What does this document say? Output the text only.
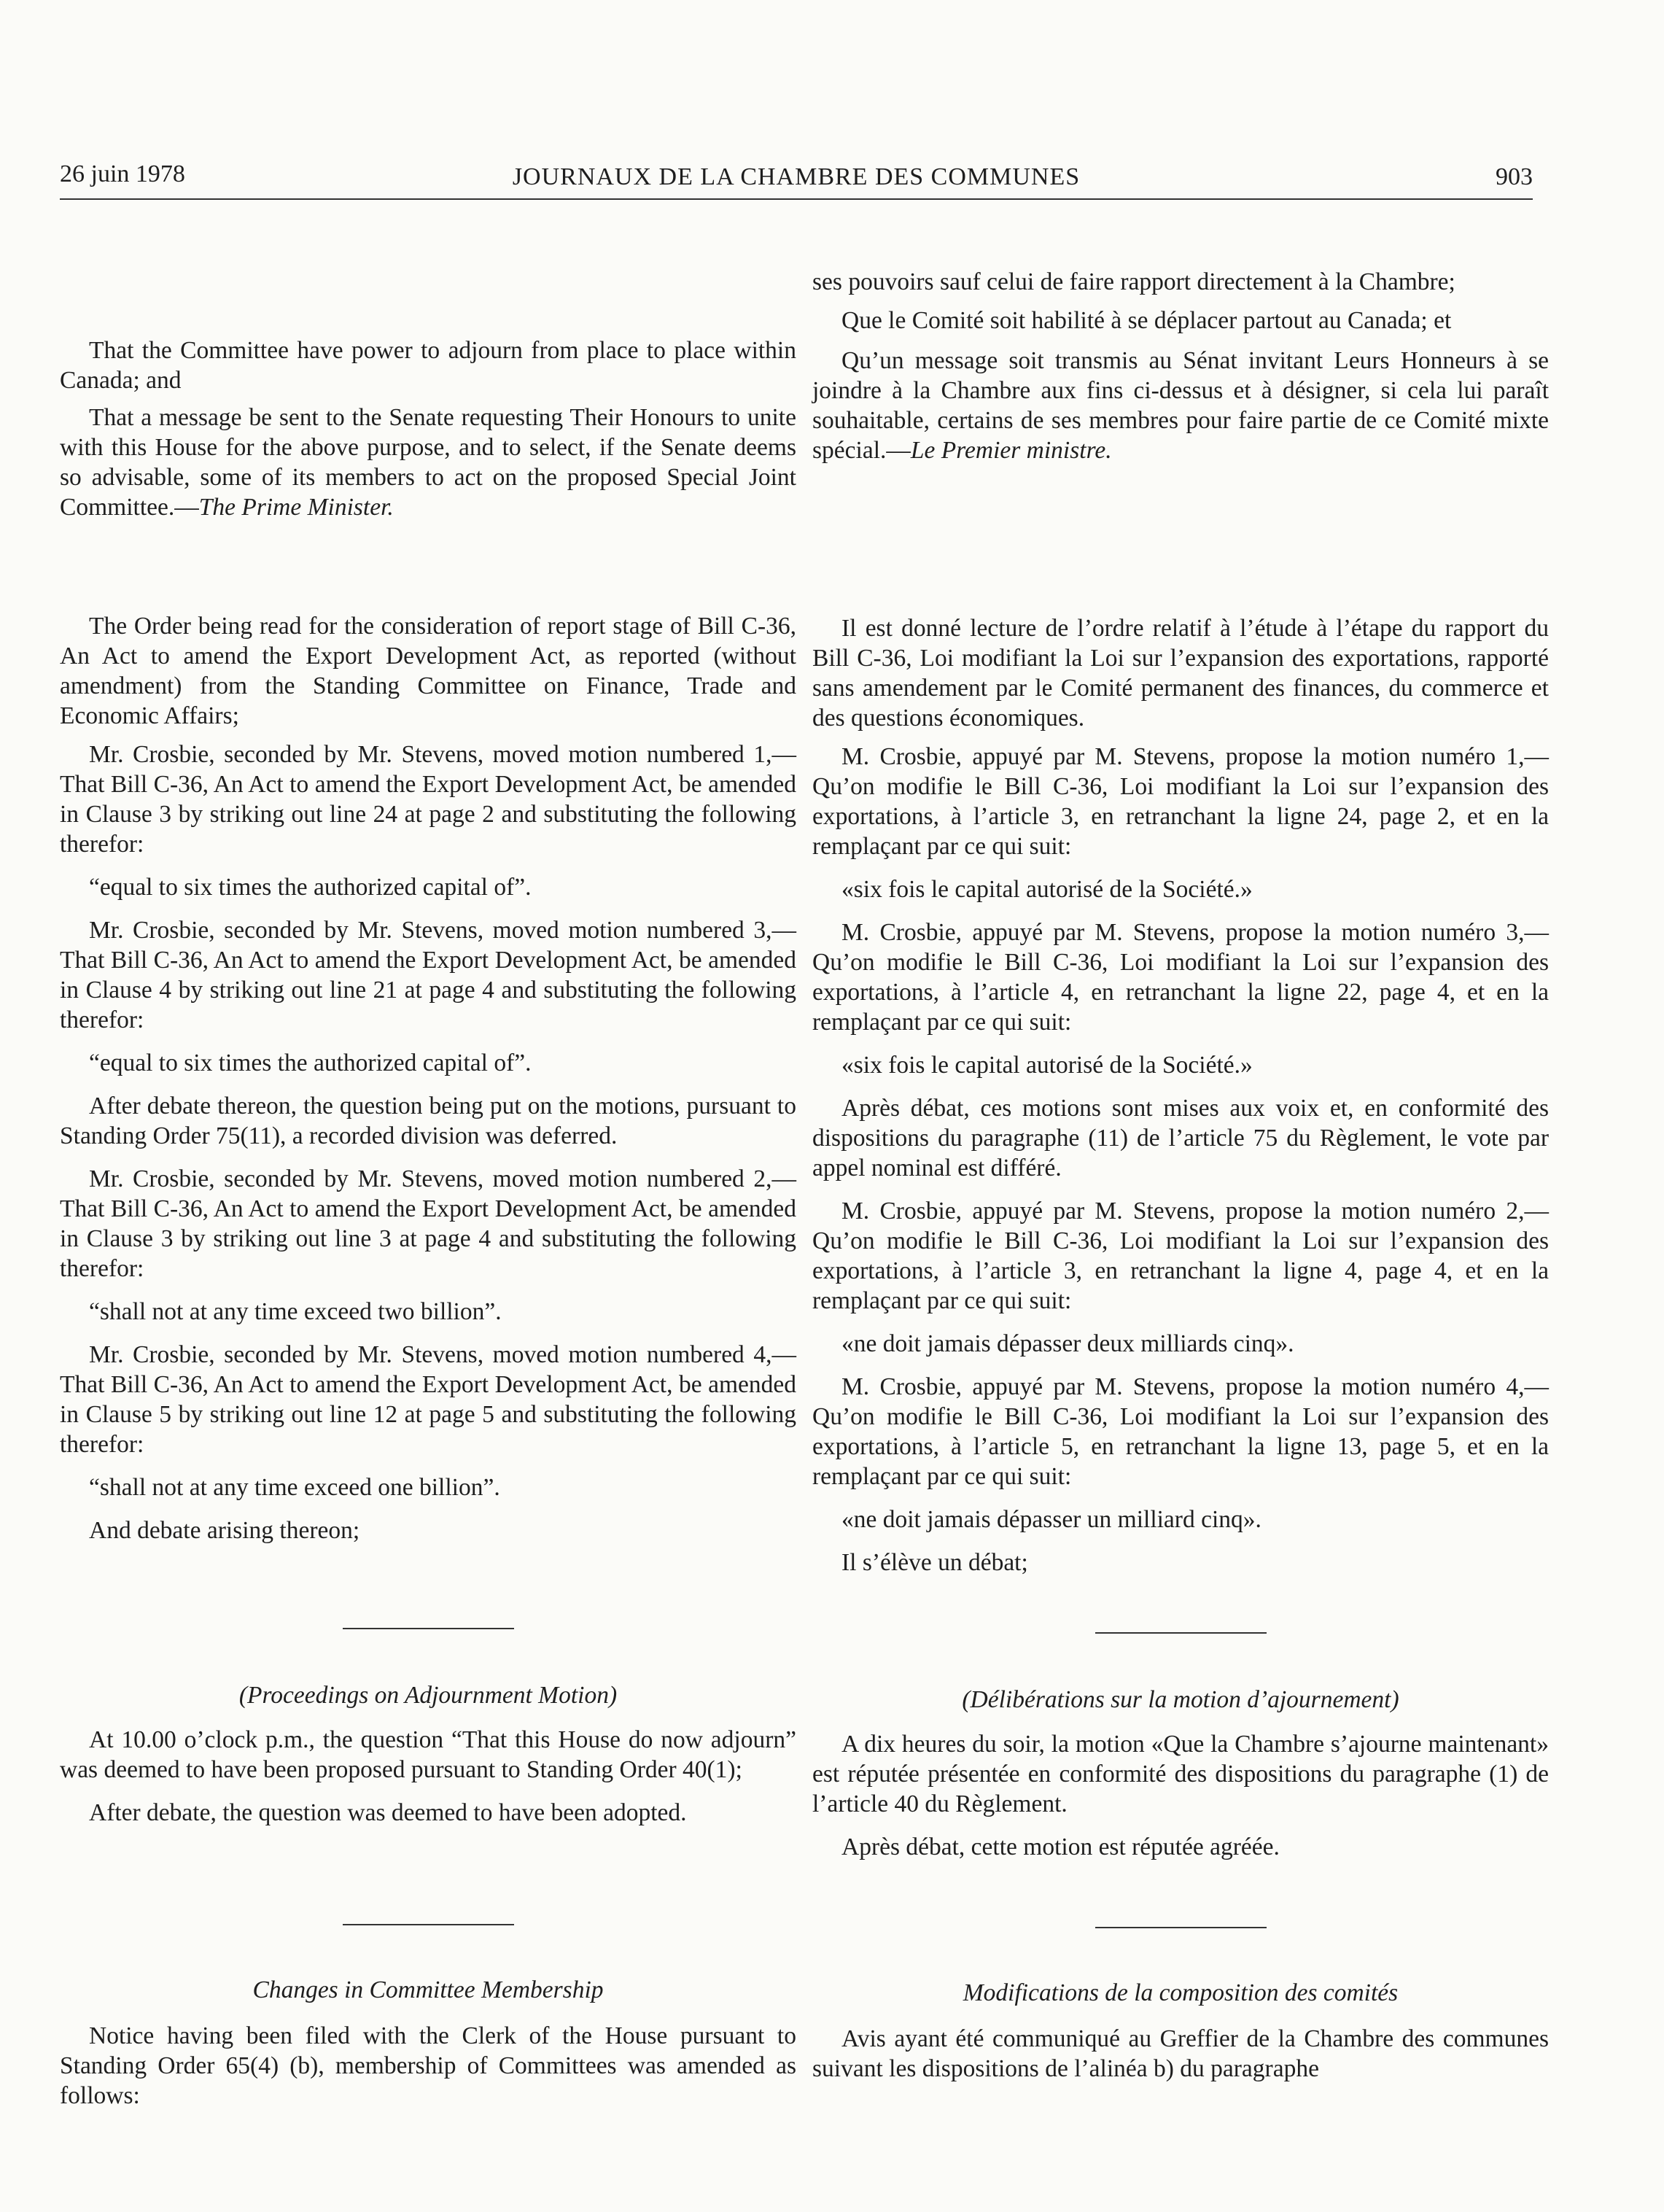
26 juin 1978	JOURNAUX DE LA CHAMBRE DES COMMUNES	903

That the Committee have power to adjourn from place to place within Canada; and

That a message be sent to the Senate requesting Their Honours to unite with this House for the above purpose, and to select, if the Senate deems so advisable, some of its members to act on the proposed Special Joint Committee.—The Prime Minister.

The Order being read for the consideration of report stage of Bill C-36, An Act to amend the Export Development Act, as reported (without amendment) from the Standing Committee on Finance, Trade and Economic Affairs;

Mr. Crosbie, seconded by Mr. Stevens, moved motion numbered 1,—That Bill C-36, An Act to amend the Export Development Act, be amended in Clause 3 by striking out line 24 at page 2 and substituting the following therefor:

“equal to six times the authorized capital of”.

Mr. Crosbie, seconded by Mr. Stevens, moved motion numbered 3,—That Bill C-36, An Act to amend the Export Development Act, be amended in Clause 4 by striking out line 21 at page 4 and substituting the following therefor:

“equal to six times the authorized capital of”.

After debate thereon, the question being put on the motions, pursuant to Standing Order 75(11), a recorded division was deferred.

Mr. Crosbie, seconded by Mr. Stevens, moved motion numbered 2,—That Bill C-36, An Act to amend the Export Development Act, be amended in Clause 3 by striking out line 3 at page 4 and substituting the following therefor:

“shall not at any time exceed two billion”.

Mr. Crosbie, seconded by Mr. Stevens, moved motion numbered 4,—That Bill C-36, An Act to amend the Export Development Act, be amended in Clause 5 by striking out line 12 at page 5 and substituting the following therefor:

“shall not at any time exceed one billion”.

And debate arising thereon;

(Proceedings on Adjournment Motion)

At 10.00 o’clock p.m., the question “That this House do now adjourn” was deemed to have been proposed pursuant to Standing Order 40(1);

After debate, the question was deemed to have been adopted.

Changes in Committee Membership

Notice having been filed with the Clerk of the House pursuant to Standing Order 65(4) (b), membership of Committees was amended as follows:

ses pouvoirs sauf celui de faire rapport directement à la Chambre;

Que le Comité soit habilité à se déplacer partout au Canada; et

Qu’un message soit transmis au Sénat invitant Leurs Honneurs à se joindre à la Chambre aux fins ci-dessus et à désigner, si cela lui paraît souhaitable, certains de ses membres pour faire partie de ce Comité mixte spécial.—Le Premier ministre.

Il est donné lecture de l’ordre relatif à l’étude à l’étape du rapport du Bill C-36, Loi modifiant la Loi sur l’expansion des exportations, rapporté sans amendement par le Comité permanent des finances, du commerce et des questions économiques.

M. Crosbie, appuyé par M. Stevens, propose la motion numéro 1,—Qu’on modifie le Bill C-36, Loi modifiant la Loi sur l’expansion des exportations, à l’article 3, en retranchant la ligne 24, page 2, et en la remplaçant par ce qui suit:

«six fois le capital autorisé de la Société.»

M. Crosbie, appuyé par M. Stevens, propose la motion numéro 3,—Qu’on modifie le Bill C-36, Loi modifiant la Loi sur l’expansion des exportations, à l’article 4, en retranchant la ligne 22, page 4, et en la remplaçant par ce qui suit:

«six fois le capital autorisé de la Société.»

Après débat, ces motions sont mises aux voix et, en conformité des dispositions du paragraphe (11) de l’article 75 du Règlement, le vote par appel nominal est différé.

M. Crosbie, appuyé par M. Stevens, propose la motion numéro 2,—Qu’on modifie le Bill C-36, Loi modifiant la Loi sur l’expansion des exportations, à l’article 3, en retranchant la ligne 4, page 4, et en la remplaçant par ce qui suit:

«ne doit jamais dépasser deux milliards cinq».

M. Crosbie, appuyé par M. Stevens, propose la motion numéro 4,—Qu’on modifie le Bill C-36, Loi modifiant la Loi sur l’expansion des exportations, à l’article 5, en retranchant la ligne 13, page 5, et en la remplaçant par ce qui suit:

«ne doit jamais dépasser un milliard cinq».

Il s’élève un débat;

(Délibérations sur la motion d’ajournement)

A dix heures du soir, la motion «Que la Chambre s’ajourne maintenant» est réputée présentée en conformité des dispositions du paragraphe (1) de l’article 40 du Règlement.

Après débat, cette motion est réputée agréée.

Modifications de la composition des comités

Avis ayant été communiqué au Greffier de la Chambre des communes suivant les dispositions de l’alinéa b) du paragraphe
